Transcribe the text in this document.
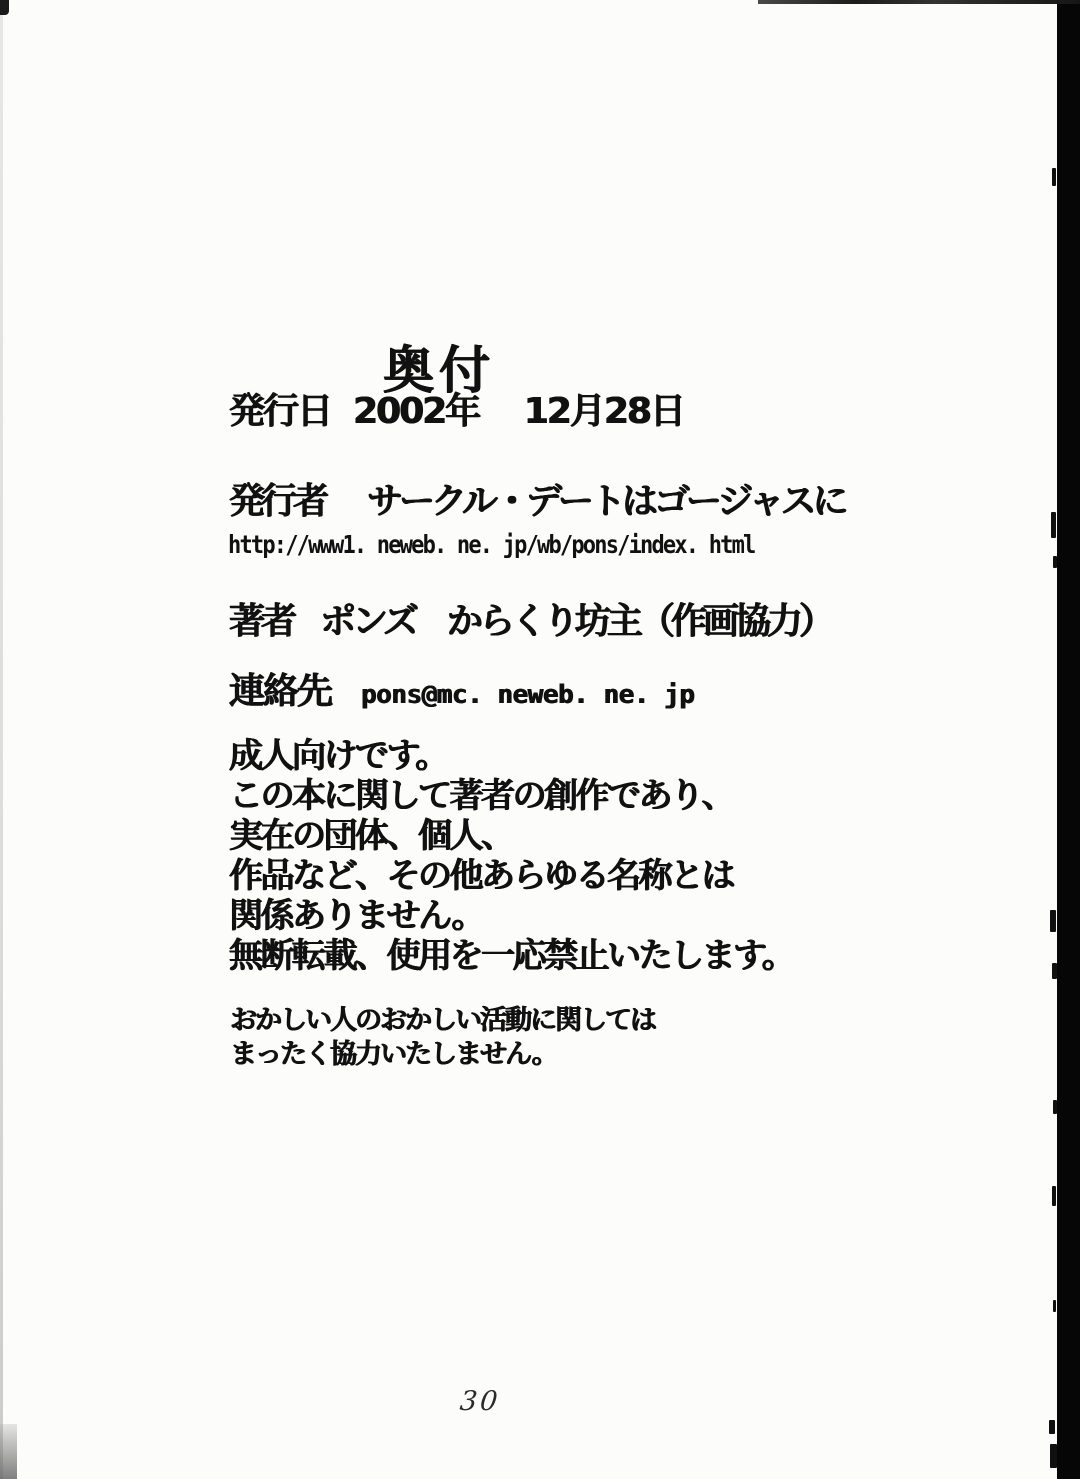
奥付
発行日 2002年　 12月28日
発行者 サークル・デートはゴージャスに
http://www1. neweb. ne. jp/wb/pons/index. html
著者 ポンズ　からくり坊主（作画協力）
連絡先 pons@mc. neweb. ne. jp
成人向けです。
この本に関して著者の創作であり、
実在の団体、個人、
作品など、その他あらゆる名称とは
関係ありません。
無断転載、使用を一応禁止いたします。
おかしい人のおかしい活動に関しては
まったく協力いたしません。
30
